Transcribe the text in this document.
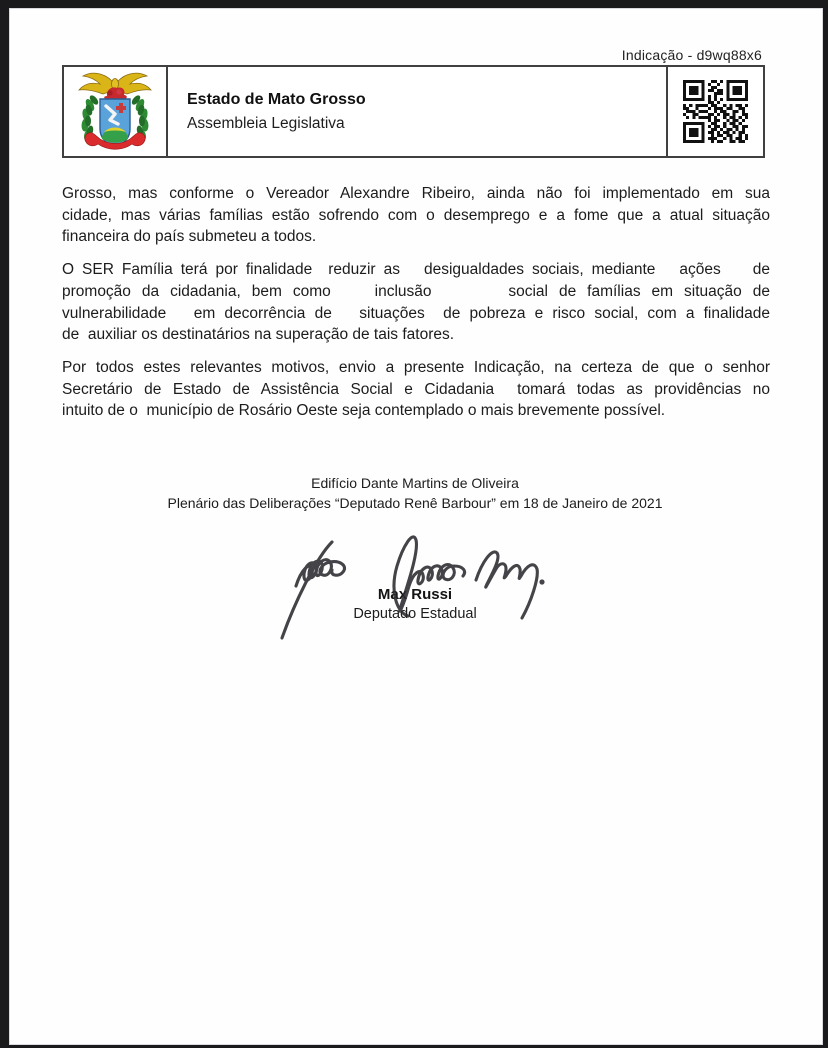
Indicação - d9wq88x6
Estado de Mato Grosso
Assembleia Legislativa
Grosso, mas conforme o Vereador Alexandre Ribeiro, ainda não foi implementado em sua
cidade, mas várias famílias estão sofrendo com o desemprego e a fome que a atual situação
financeira do país submeteu a todos.
O SER Família terá por finalidade  reduzir as   desigualdades sociais, mediante   ações    de
promoção da cidadania, bem como    inclusão       social de famílias em situação de
vulnerabilidade   em decorrência de   situações  de pobreza e risco social, com a finalidade
de  auxiliar os destinatários na superação de tais fatores.
Por todos estes relevantes motivos, envio a presente Indicação, na certeza de que o senhor
Secretário de Estado de Assistência Social e Cidadania  tomará todas as providências no
intuito de o  município de Rosário Oeste seja contemplado o mais brevemente possível.
Edifício Dante Martins de Oliveira
Plenário das Deliberações “Deputado Renê Barbour” em 18 de Janeiro de 2021
Max Russi
Deputado Estadual
